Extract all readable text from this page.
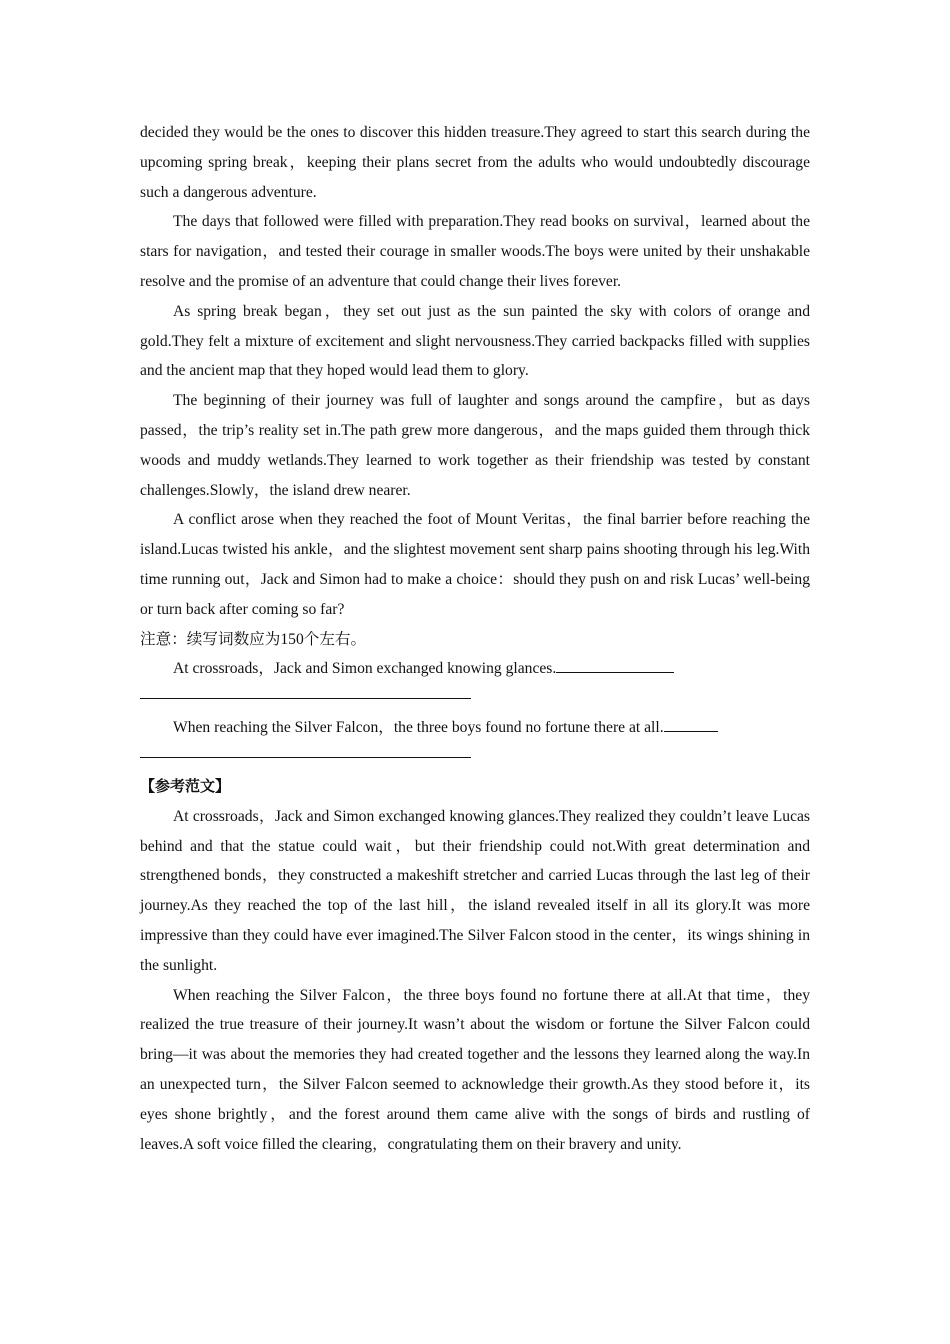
decided they would be the ones to discover this hidden treasure.They agreed to start this search during the upcoming spring break，keeping their plans secret from the adults who would undoubtedly discourage such a dangerous adventure.

The days that followed were filled with preparation.They read books on survival，learned about the stars for navigation，and tested their courage in smaller woods.The boys were united by their unshakable resolve and the promise of an adventure that could change their lives forever.

As spring break began，they set out just as the sun painted the sky with colors of orange and gold.They felt a mixture of excitement and slight nervousness.They carried backpacks filled with supplies and the ancient map that they hoped would lead them to glory.

The beginning of their journey was full of laughter and songs around the campfire，but as days passed，the trip’s reality set in.The path grew more dangerous，and the maps guided them through thick woods and muddy wetlands.They learned to work together as their friendship was tested by constant challenges.Slowly，the island drew nearer.

A conflict arose when they reached the foot of Mount Veritas，the final barrier before reaching the island.Lucas twisted his ankle，and the slightest movement sent sharp pains shooting through his leg.With time running out，Jack and Simon had to make a choice：should they push on and risk Lucas’ well-being or turn back after coming so far?

注意：续写词数应为150个左右。

At crossroads，Jack and Simon exchanged knowing glances.

When reaching the Silver Falcon，the three boys found no fortune there at all.

【参考范文】

At crossroads，Jack and Simon exchanged knowing glances.They realized they couldn’t leave Lucas behind and that the statue could wait，but their friendship could not.With great determination and strengthened bonds，they constructed a makeshift stretcher and carried Lucas through the last leg of their journey.As they reached the top of the last hill，the island revealed itself in all its glory.It was more impressive than they could have ever imagined.The Silver Falcon stood in the center，its wings shining in the sunlight.

When reaching the Silver Falcon，the three boys found no fortune there at all.At that time，they realized the true treasure of their journey.It wasn’t about the wisdom or fortune the Silver Falcon could bring—it was about the memories they had created together and the lessons they learned along the way.In an unexpected turn，the Silver Falcon seemed to acknowledge their growth.As they stood before it，its eyes shone brightly，and the forest around them came alive with the songs of birds and rustling of leaves.A soft voice filled the clearing，congratulating them on their bravery and unity.
